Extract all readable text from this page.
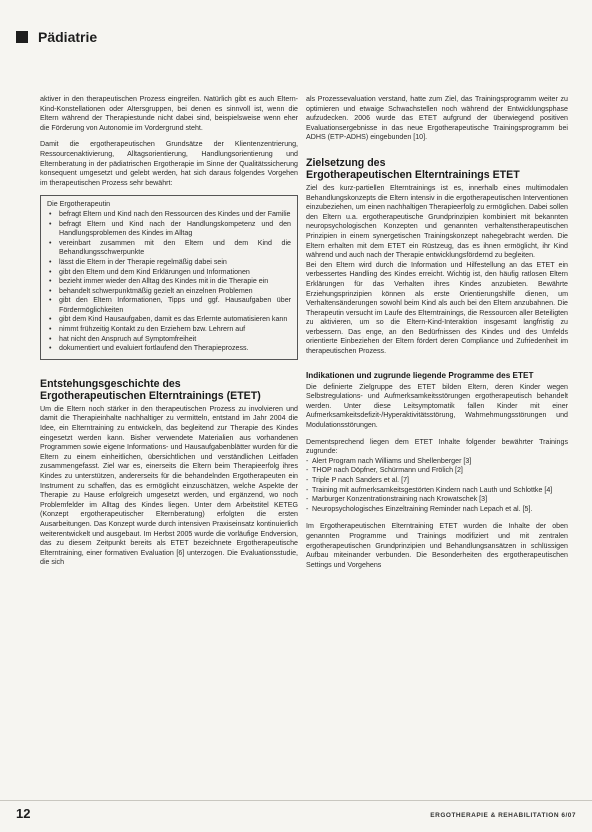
Pädiatrie

aktiver in den therapeutischen Prozess eingreifen. Natürlich gibt es auch Eltern-Kind-Konstellationen oder Altersgruppen, bei denen es sinnvoll ist, wenn die Eltern während der Therapiestunde nicht dabei sind, beispielsweise wenn eher die Förderung von Autonomie im Vordergrund steht.

Damit die ergotherapeutischen Grundsätze der Klientenzentrierung, Ressourcenaktivierung, Alltagsorientierung, Handlungsorientierung und Elternberatung in der pädiatrischen Ergotherapie im Sinne der Qualitätssicherung konsequent umgesetzt und gelebt werden, hat sich daraus folgendes Vorgehen im therapeutischen Prozess sehr bewährt:

Die Ergotherapeutin
• befragt Eltern und Kind nach den Ressourcen des Kindes und der Familie
• befragt Eltern und Kind nach der Handlungskompetenz und den Handlungsproblemen des Kindes im Alltag
• vereinbart zusammen mit den Eltern und dem Kind die Behandlungsschwerpunkte
• lässt die Eltern in der Therapie regelmäßig dabei sein
• gibt den Eltern und dem Kind Erklärungen und Informationen
• bezieht immer wieder den Alltag des Kindes mit in die Therapie ein
• behandelt schwerpunktmäßig gezielt an einzelnen Problemen
• gibt den Eltern Informationen, Tipps und ggf. Hausaufgaben über Fördermöglichkeiten
• gibt dem Kind Hausaufgaben, damit es das Erlernte automatisieren kann
• nimmt frühzeitig Kontakt zu den Erziehern bzw. Lehrern auf
• hat nicht den Anspruch auf Symptomfreiheit
• dokumentiert und evaluiert fortlaufend den Therapieprozess.
Entstehungsgeschichte des
Ergotherapeutischen Elterntrainings (ETET)

Um die Eltern noch stärker in den therapeutischen Prozess zu involvieren und damit die Therapieinhalte nachhaltiger zu vermitteln, entstand im Jahr 2004 die Idee, ein Elterntraining zu entwickeln, das begleitend zur Therapie des Kindes eingesetzt werden kann. Bisher verwendete Materialien aus vorhandenen Programmen sowie eigene Informations- und Hausaufgabenblätter wurden für die Eltern zu einem einheitlichen, übersichtlichen und verständlichen Leitfaden zusammengefasst. Ziel war es, einerseits die Eltern beim Therapieerfolg ihres Kindes zu unterstützen, andererseits für die behandelnden Ergotherapeuten ein Instrument zu schaffen, das es ermöglicht einzuschätzen, welche Aspekte der Therapie zu Hause erfolgreich umgesetzt werden, und ergänzend, wo noch Problemfelder im Alltag des Kindes liegen. Unter dem Arbeitstitel KETEG (Konzept ergotherapeutischer Elternberatung) erfolgten die ersten Ausarbeitungen. Das Konzept wurde durch intensiven Praxiseinsatz kontinuierlich weiterentwickelt und ausgebaut. Im Herbst 2005 wurde die vorläufige Endversion, das zu diesem Zeitpunkt bereits als ETET bezeichnete Ergotherapeutische Elterntraining, einer formativen Evaluation [6] unterzogen. Die Evaluationsstudie, die sich

als Prozessevaluation verstand, hatte zum Ziel, das Trainingsprogramm weiter zu optimieren und etwaige Schwachstellen noch während der Entwicklungsphase aufzudecken. 2006 wurde das ETET aufgrund der überwiegend positiven Evaluationsergebnisse in das neue Ergotherapeutische Trainingsprogramm bei ADHS (ETP-ADHS) eingebunden [10].

Zielsetzung des
Ergotherapeutischen Elterntrainings ETET

Ziel des kurz-partiellen Elterntrainings ist es, innerhalb eines multimodalen Behandlungskonzepts die Eltern intensiv in die ergotherapeutischen Interventionen einzubeziehen, um einen nachhaltigen Therapieerfolg zu ermöglichen. Dabei sollen den Eltern u.a. ergotherapeutische Grundprinzipien kombiniert mit bekannten neuropsychologischen Konzepten und genannten verhaltenstherapeutischen Prinzipien in einem synergetischen Trainingskonzept nahegebracht werden. Die Eltern erhalten mit dem ETET ein Rüstzeug, das es ihnen ermöglicht, ihr Kind während und auch nach der Therapie entwicklungsfördernd zu begleiten.

Bei den Eltern wird durch die Information und Hilfestellung an das ETET ein verbessertes Handling des Kindes erreicht. Wichtig ist, den häufig ratlosen Eltern Erklärungen für das Verhalten ihres Kindes anzubieten. Bewährte Erziehungsprinzipien können als erste Orientierungshilfe dienen, um Verhaltensänderungen sowohl beim Kind als auch bei den Eltern anzubahnen. Die Therapeutin versucht im Laufe des Elterntrainings, die Ressourcen aller Beteiligten zu aktivieren, um so die Eltern-Kind-Interaktion insgesamt langfristig zu verbessern. Das enge, an den Bedürfnissen des Kindes und des Umfelds orientierte Einbeziehen der Eltern fördert deren Compliance und Zufriedenheit im therapeutischen Prozess.

Indikationen und zugrunde liegende Programme des ETET

Die definierte Zielgruppe des ETET bilden Eltern, deren Kinder wegen Selbstregulations- und Aufmerksamkeitsstörungen ergotherapeutisch behandelt werden. Unter diese Leitsymptomatik fallen Kinder mit einer Aufmerksamkeitsdefizit-/Hyperaktivitätsstörung, Wahrnehmungsstörungen und Modulationsstörungen.

Dementsprechend liegen dem ETET Inhalte folgender bewährter Trainings zugrunde:

- Alert Program nach Williams und Shellenberger [3]
- THOP nach Döpfner, Schürmann und Frölich [2]
- Triple P nach Sanders et al. [7]
- Training mit aufmerksamkeitsgestörten Kindern nach Lauth und Schlottke [4]
- Marburger Konzentrationstraining nach Krowatschek [3]
- Neuropsychologisches Einzeltraining Reminder nach Lepach et al. [5].

Im Ergotherapeutischen Elterntraining ETET wurden die Inhalte der oben genannten Programme und Trainings modifiziert und mit zentralen ergotherapeutischen Grundprinzipien und Behandlungsansätzen in schlüssigen Aufbau miteinander verbunden. Die Besonderheiten des ergotherapeutischen Settings und Vorgehens

12	ERGOTHERAPIE & REHABILITATION 6/07
